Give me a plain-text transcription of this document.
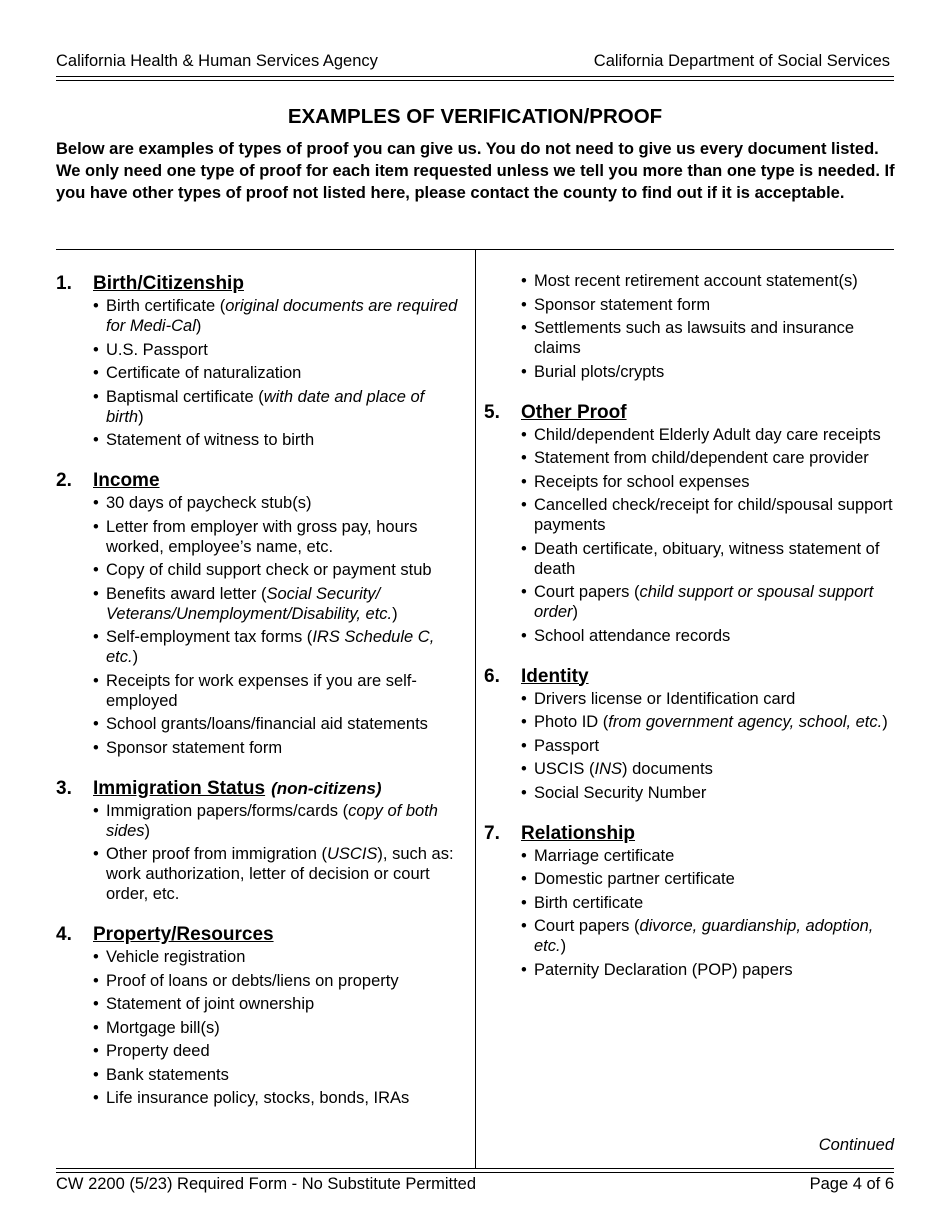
California Health & Human Services Agency	California Department of Social Services
EXAMPLES OF VERIFICATION/PROOF
Below are examples of types of proof you can give us. You do not need to give us every document listed. We only need one type of proof for each item requested unless we tell you more than one type is needed. If you have other types of proof not listed here, please contact the county to find out if it is acceptable.
1.	Birth/Citizenship
• Birth certificate (original documents are required for Medi-Cal)
• U.S. Passport
• Certificate of naturalization
• Baptismal certificate (with date and place of birth)
• Statement of witness to birth
2.	Income
• 30 days of paycheck stub(s)
• Letter from employer with gross pay, hours worked, employee’s name, etc.
• Copy of child support check or payment stub
• Benefits award letter (Social Security/ Veterans/Unemployment/Disability, etc.)
• Self-employment tax forms (IRS Schedule C, etc.)
• Receipts for work expenses if you are self-employed
• School grants/loans/financial aid statements
• Sponsor statement form
3.	Immigration Status (non-citizens)
• Immigration papers/forms/cards (copy of both sides)
• Other proof from immigration (USCIS), such as: work authorization, letter of decision or court order, etc.
4.	Property/Resources
• Vehicle registration
• Proof of loans or debts/liens on property
• Statement of joint ownership
• Mortgage bill(s)
• Property deed
• Bank statements
• Life insurance policy, stocks, bonds, IRAs
• Most recent retirement account statement(s)
• Sponsor statement form
• Settlements such as lawsuits and insurance claims
• Burial plots/crypts
5.	Other Proof
• Child/dependent Elderly Adult day care receipts
• Statement from child/dependent care provider
• Receipts for school expenses
• Cancelled check/receipt for child/spousal support payments
• Death certificate, obituary, witness statement of death
• Court papers (child support or spousal support order)
• School attendance records
6.	Identity
• Drivers license or Identification card
• Photo ID (from government agency, school, etc.)
• Passport
• USCIS (INS) documents
• Social Security Number
7.	Relationship
• Marriage certificate
• Domestic partner certificate
• Birth certificate
• Court papers (divorce, guardianship, adoption, etc.)
• Paternity Declaration (POP) papers
Continued
CW 2200 (5/23) Required Form - No Substitute Permitted	Page 4 of 6
